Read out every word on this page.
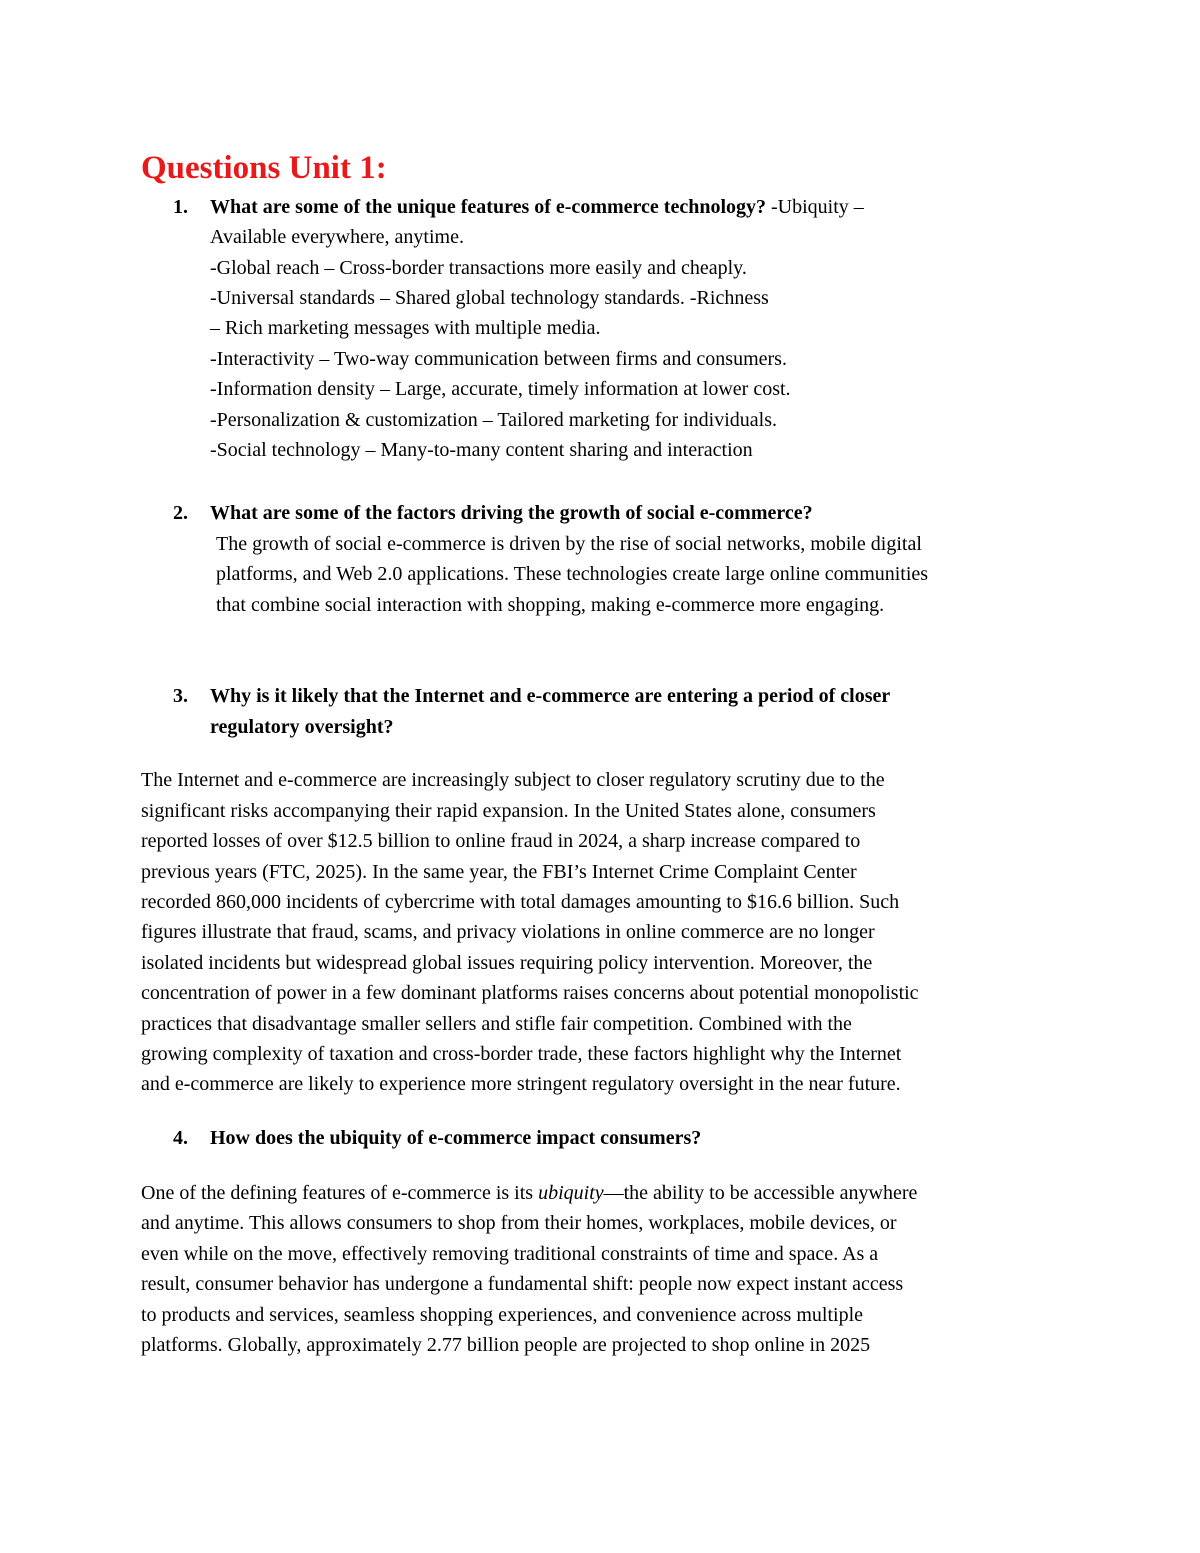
Questions Unit 1:
1. What are some of the unique features of e-commerce technology? -Ubiquity –
Available everywhere, anytime.
-Global reach – Cross-border transactions more easily and cheaply.
-Universal standards – Shared global technology standards. -Richness
– Rich marketing messages with multiple media.
-Interactivity – Two-way communication between firms and consumers.
-Information density – Large, accurate, timely information at lower cost.
-Personalization & customization – Tailored marketing for individuals.
-Social technology – Many-to-many content sharing and interaction
2. What are some of the factors driving the growth of social e-commerce?
The growth of social e-commerce is driven by the rise of social networks, mobile digital
platforms, and Web 2.0 applications. These technologies create large online communities
that combine social interaction with shopping, making e-commerce more engaging.
3. Why is it likely that the Internet and e-commerce are entering a period of closer
regulatory oversight?
The Internet and e-commerce are increasingly subject to closer regulatory scrutiny due to the
significant risks accompanying their rapid expansion. In the United States alone, consumers
reported losses of over $12.5 billion to online fraud in 2024, a sharp increase compared to
previous years (FTC, 2025). In the same year, the FBI’s Internet Crime Complaint Center
recorded 860,000 incidents of cybercrime with total damages amounting to $16.6 billion. Such
figures illustrate that fraud, scams, and privacy violations in online commerce are no longer
isolated incidents but widespread global issues requiring policy intervention. Moreover, the
concentration of power in a few dominant platforms raises concerns about potential monopolistic
practices that disadvantage smaller sellers and stifle fair competition. Combined with the
growing complexity of taxation and cross-border trade, these factors highlight why the Internet
and e-commerce are likely to experience more stringent regulatory oversight in the near future.
4. How does the ubiquity of e-commerce impact consumers?
One of the defining features of e-commerce is its ubiquity—the ability to be accessible anywhere
and anytime. This allows consumers to shop from their homes, workplaces, mobile devices, or
even while on the move, effectively removing traditional constraints of time and space. As a
result, consumer behavior has undergone a fundamental shift: people now expect instant access
to products and services, seamless shopping experiences, and convenience across multiple
platforms. Globally, approximately 2.77 billion people are projected to shop online in 2025
